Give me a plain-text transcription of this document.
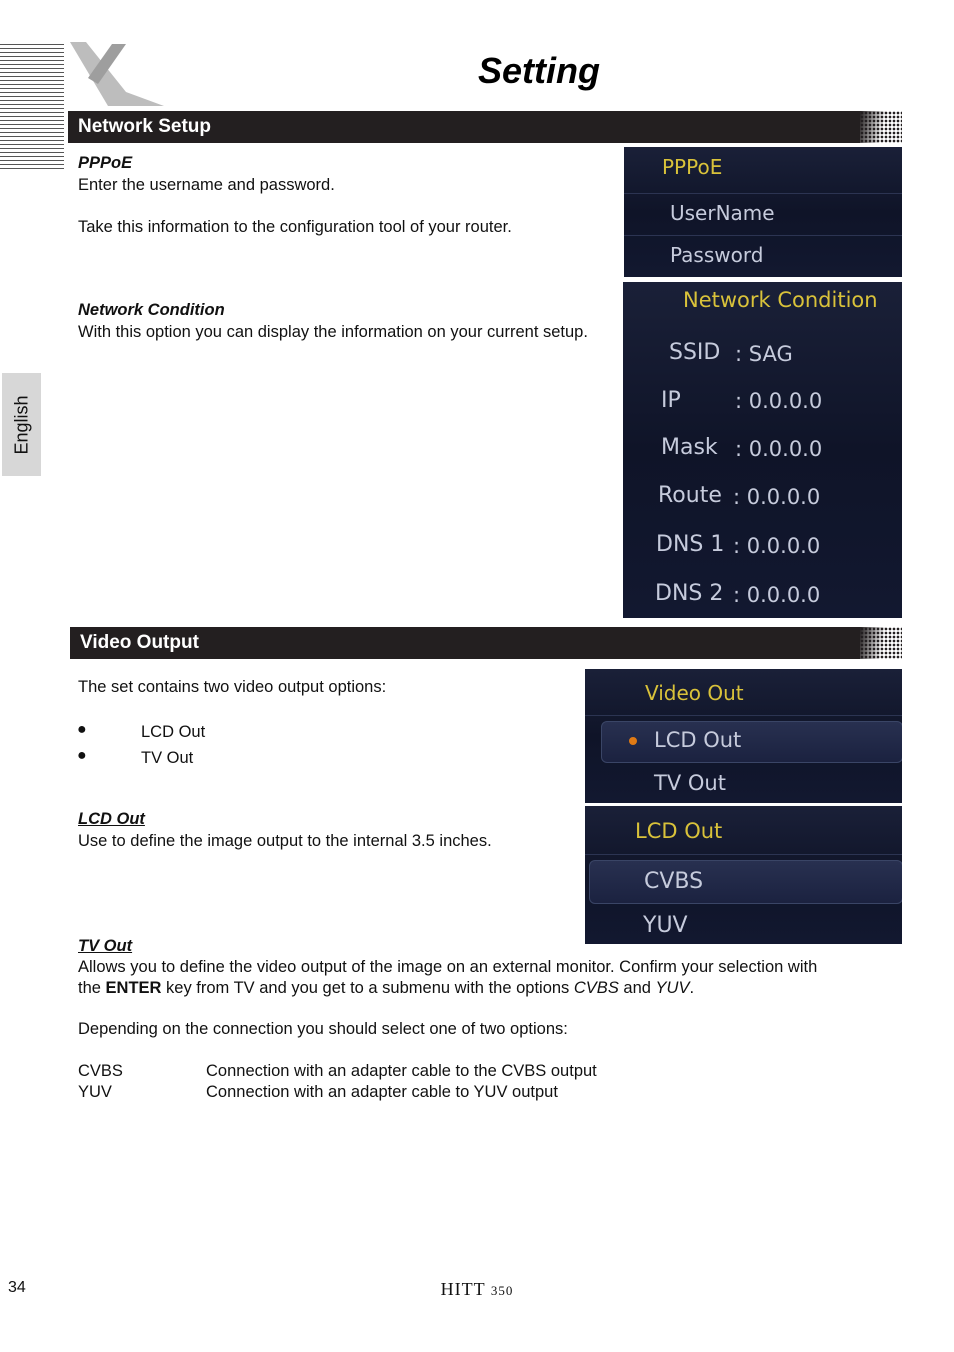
Setting
English
Network Setup
PPPoE
Enter the username and password.
Take this information to the configuration tool of your router.
Network Condition
With this option you can display the information on your current setup.
PPPoE
UserName
Password
Network Condition
SSID : SAG
IP	: 0.0.0.0
Mask : 0.0.0.0
Route : 0.0.0.0
DNS 1 : 0.0.0.0
DNS 2 : 0.0.0.0
Video Output
The set contains two video output options:
●	LCD Out
●	TV Out
LCD Out
Use to define the image output to the internal 3.5 inches.
TV Out
Allows you to define the video output of the image on an external monitor. Confirm your selection with
the ENTER key from TV and you get to a submenu with the options CVBS and YUV.
Depending on the connection you should select one of two options:
CVBS	Connection with an adapter cable to the CVBS output
YUV	Connection with an adapter cable to YUV output
Video Out
LCD Out
TV Out
LCD Out
CVBS
YUV
34	HITT 350
